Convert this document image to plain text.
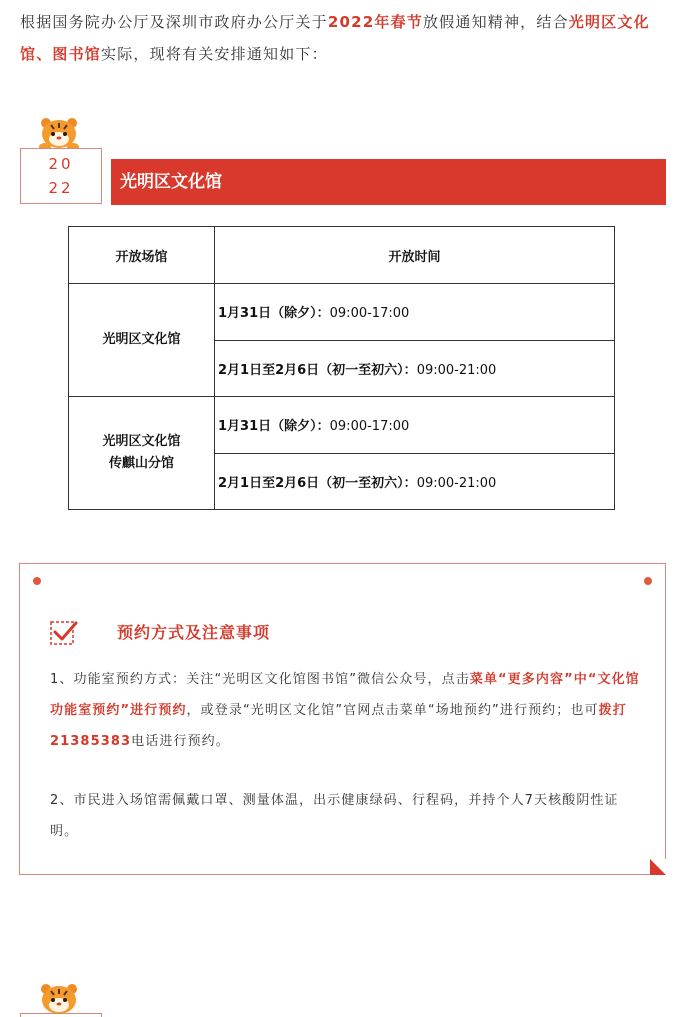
根据国务院办公厅及深圳市政府办公厅关于2022年春节放假通知精神，结合光明区文化馆、图书馆实际，现将有关安排通知如下：

20
22	光明区文化馆
开放场馆	开放时间
光明区文化馆	1月31日（除夕）：09:00-17:00
	2月1日至2月6日（初一至初六）：09:00-21:00

光明区文化馆
传麒山分馆	1月31日（除夕）：09:00-17:00
	2月1日至2月6日（初一至初六）：09:00-21:00
预约方式及注意事项

1、功能室预约方式：关注“光明区文化馆图书馆”微信公众号，点击菜单“更多内容”中“文化馆功能室预约”进行预约，或登录“光明区文化馆”官网点击菜单“场地预约”进行预约；也可拨打21385383电话进行预约。

2、市民进入场馆需佩戴口罩、测量体温，出示健康绿码、行程码，并持个人7天核酸阴性证明。
